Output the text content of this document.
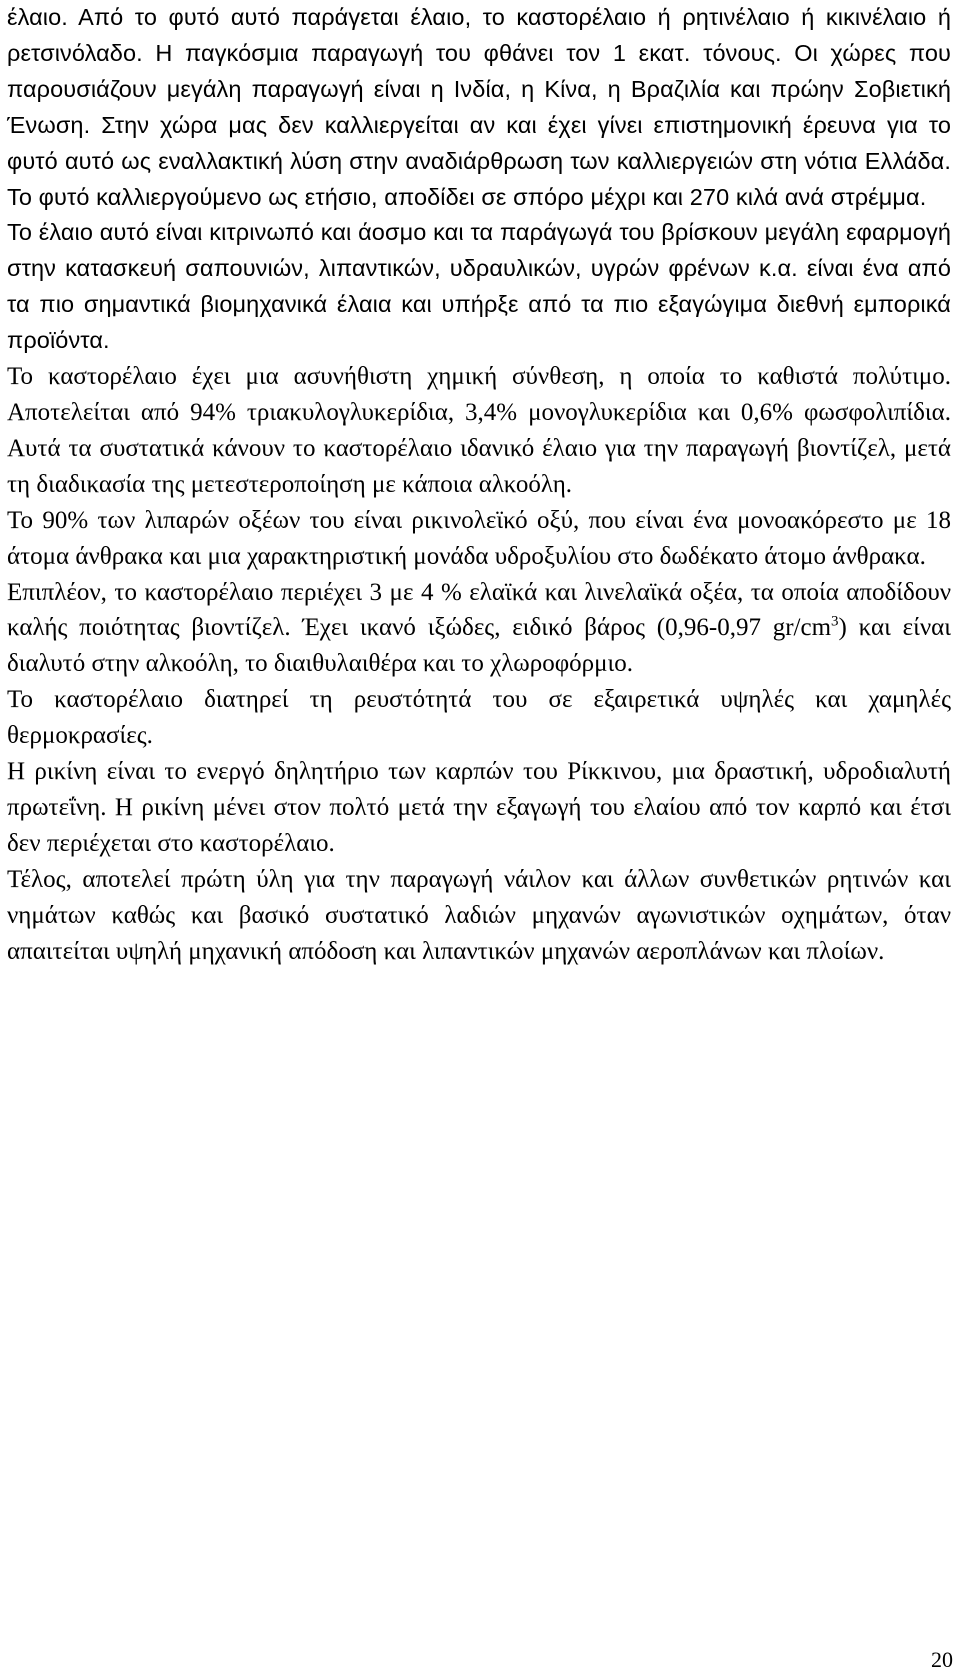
έλαιο. Από το φυτό αυτό παράγεται έλαιο, το καστορέλαιο ή ρητινέλαιο ή κικινέλαιο ή ρετσινόλαδο. Η παγκόσμια παραγωγή του φθάνει τον 1 εκατ. τόνους. Οι χώρες που παρουσιάζουν μεγάλη παραγωγή είναι η Ινδία, η Κίνα, η Βραζιλία και πρώην Σοβιετική Ένωση. Στην χώρα μας δεν καλλιεργείται αν και έχει γίνει επιστημονική έρευνα για το φυτό αυτό ως εναλλακτική λύση στην αναδιάρθρωση των καλλιεργειών στη νότια Ελλάδα. Το φυτό καλλιεργούμενο ως ετήσιο, αποδίδει σε σπόρο μέχρι και 270 κιλά ανά στρέμμα.

Το έλαιο αυτό είναι κιτρινωπό και άοσμο και τα παράγωγά του βρίσκουν μεγάλη εφαρμογή στην κατασκευή σαπουνιών, λιπαντικών, υδραυλικών, υγρών φρένων κ.α. είναι ένα από τα πιο σημαντικά βιομηχανικά έλαια και υπήρξε από τα πιο εξαγώγιμα διεθνή εμπορικά προϊόντα.

Το καστορέλαιο έχει μια ασυνήθιστη χημική σύνθεση, η οποία το καθιστά πολύτιμο. Αποτελείται από 94% τριακυλογλυκερίδια, 3,4% μονογλυκερίδια και 0,6% φωσφολιπίδια. Αυτά τα συστατικά κάνουν το καστορέλαιο ιδανικό έλαιο για την παραγωγή βιοντίζελ, μετά τη διαδικασία της μετεστεροποίηση με κάποια αλκοόλη.

Το 90% των λιπαρών οξέων του είναι ρικινολεϊκό οξύ, που είναι ένα μονοακόρεστο με 18 άτομα άνθρακα και μια χαρακτηριστική μονάδα υδροξυλίου στο δωδέκατο άτομο άνθρακα.

Επιπλέον, το καστορέλαιο περιέχει 3 με 4 % ελαϊκά και λινελαϊκά οξέα, τα οποία αποδίδουν καλής ποιότητας βιοντίζελ. Έχει ικανό ιξώδες, ειδικό βάρος (0,96-0,97 $gr/cm^3$) και είναι διαλυτό στην αλκοόλη, το διαιθυλαιθέρα και το χλωροφόρμιο.

Το καστορέλαιο διατηρεί τη ρευστότητά του σε εξαιρετικά υψηλές και χαμηλές θερμοκρασίες.

Η ρικίνη είναι το ενεργό δηλητήριο των καρπών του Ρίκκινου, μια δραστική, υδροδιαλυτή πρωτεΐνη. Η ρικίνη μένει στον πολτό μετά την εξαγωγή του ελαίου από τον καρπό και έτσι δεν περιέχεται στο καστορέλαιο.

Τέλος, αποτελεί πρώτη ύλη για την παραγωγή νάιλον και άλλων συνθετικών ρητινών και νημάτων καθώς και βασικό συστατικό λαδιών μηχανών αγωνιστικών οχημάτων, όταν απαιτείται υψηλή μηχανική απόδοση και λιπαντικών μηχανών αεροπλάνων και πλοίων.

20
